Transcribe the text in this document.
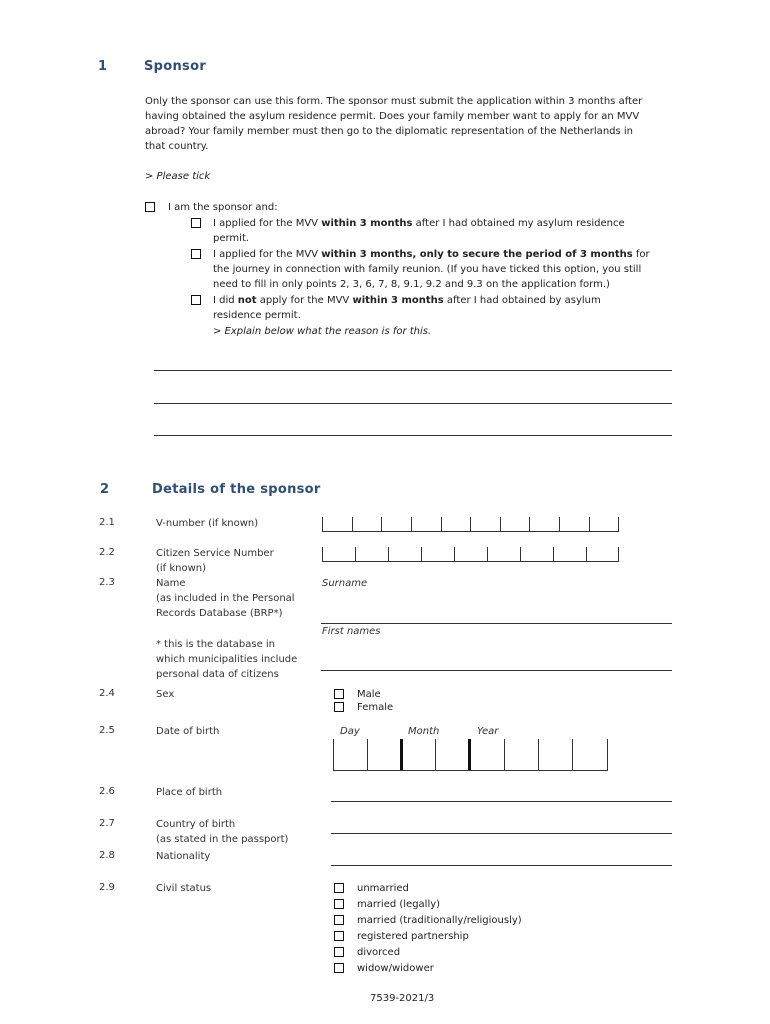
1	Sponsor
Only the sponsor can use this form. The sponsor must submit the application within 3 months after
having obtained the asylum residence permit. Does your family member want to apply for an MVV
abroad? Your family member must then go to the diplomatic representation of the Netherlands in
that country.
> Please tick
I am the sponsor and:
I applied for the MVV within 3 months after I had obtained my asylum residence
permit.
I applied for the MVV within 3 months, only to secure the period of 3 months for
the journey in connection with family reunion. (If you have ticked this option, you still
need to fill in only points 2, 3, 6, 7, 8, 9.1, 9.2 and 9.3 on the application form.)
I did not apply for the MVV within 3 months after I had obtained by asylum
residence permit.
> Explain below what the reason is for this.
2	Details of the sponsor
2.1	V-number (if known)
2.2	Citizen Service Number
(if known)
2.3	Name
(as included in the Personal
Records Database (BRP*)
* this is the database in
which municipalities include
personal data of citizens
Surname
First names
2.4	Sex	Male
Female
2.5	Date of birth	Day	Month	Year
2.6	Place of birth
2.7	Country of birth
(as stated in the passport)
2.8	Nationality
2.9	Civil status	unmarried
married (legally)
married (traditionally/religiously)
registered partnership
divorced
widow/widower
7539-2021/3
